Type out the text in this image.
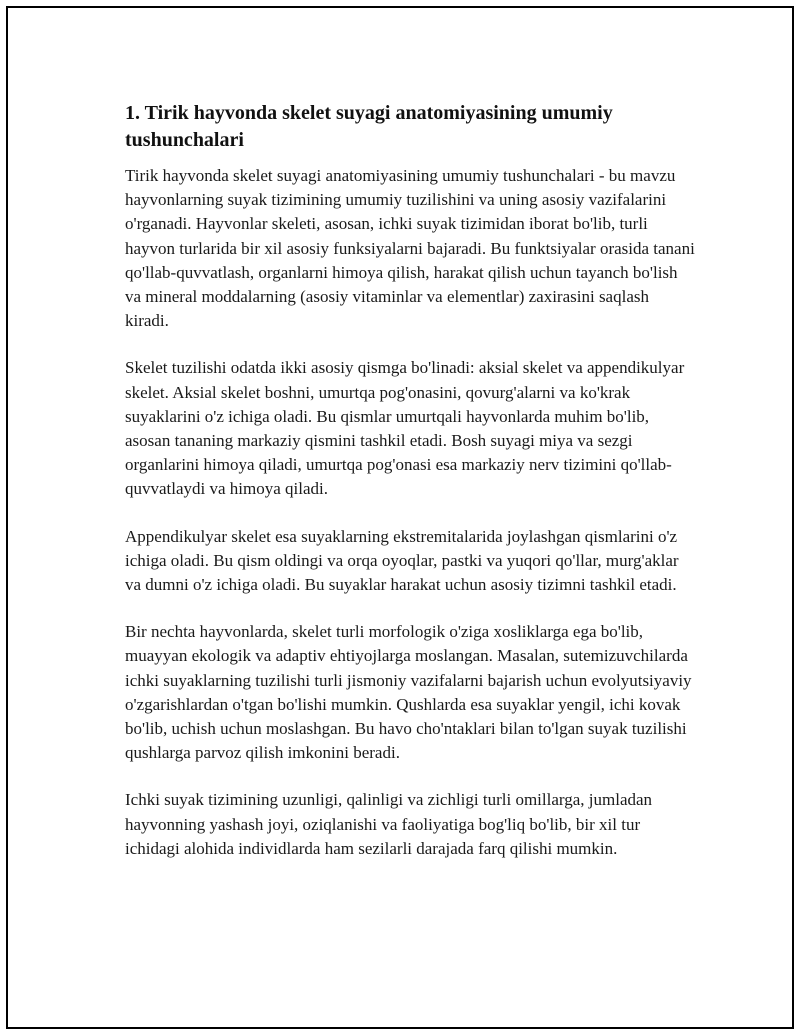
1. Tirik hayvonda skelet suyagi anatomiyasining umumiy tushunchalari

Tirik hayvonda skelet suyagi anatomiyasining umumiy tushunchalari - bu mavzu hayvonlarning suyak tizimining umumiy tuzilishini va uning asosiy vazifalarini o'rganadi. Hayvonlar skeleti, asosan, ichki suyak tizimidan iborat bo'lib, turli hayvon turlarida bir xil asosiy funksiyalarni bajaradi. Bu funktsiyalar orasida tanani qo'llab-quvvatlash, organlarni himoya qilish, harakat qilish uchun tayanch bo'lish va mineral moddalarning (asosiy vitaminlar va elementlar) zaxirasini saqlash kiradi.

Skelet tuzilishi odatda ikki asosiy qismga bo'linadi: aksial skelet va appendikulyar skelet. Aksial skelet boshni, umurtqa pog'onasini, qovurg'alarni va ko'krak suyaklarini o'z ichiga oladi. Bu qismlar umurtqali hayvonlarda muhim bo'lib, asosan tananing markaziy qismini tashkil etadi. Bosh suyagi miya va sezgi organlarini himoya qiladi, umurtqa pog'onasi esa markaziy nerv tizimini qo'llab-quvvatlaydi va himoya qiladi.

Appendikulyar skelet esa suyaklarning ekstremitalarida joylashgan qismlarini o'z ichiga oladi. Bu qism oldingi va orqa oyoqlar, pastki va yuqori qo'llar, murg'aklar va dumni o'z ichiga oladi. Bu suyaklar harakat uchun asosiy tizimni tashkil etadi.

Bir nechta hayvonlarda, skelet turli morfologik o'ziga xosliklarga ega bo'lib, muayyan ekologik va adaptiv ehtiyojlarga moslangan. Masalan, sutemizuvchilarda ichki suyaklarning tuzilishi turli jismoniy vazifalarni bajarish uchun evolyutsiyaviy o'zgarishlardan o'tgan bo'lishi mumkin. Qushlarda esa suyaklar yengil, ichi kovak bo'lib, uchish uchun moslashgan. Bu havo cho'ntaklari bilan to'lgan suyak tuzilishi qushlarga parvoz qilish imkonini beradi.

Ichki suyak tizimining uzunligi, qalinligi va zichligi turli omillarga, jumladan hayvonning yashash joyi, oziqlanishi va faoliyatiga bog'liq bo'lib, bir xil tur ichidagi alohida individlarda ham sezilarli darajada farq qilishi mumkin.
